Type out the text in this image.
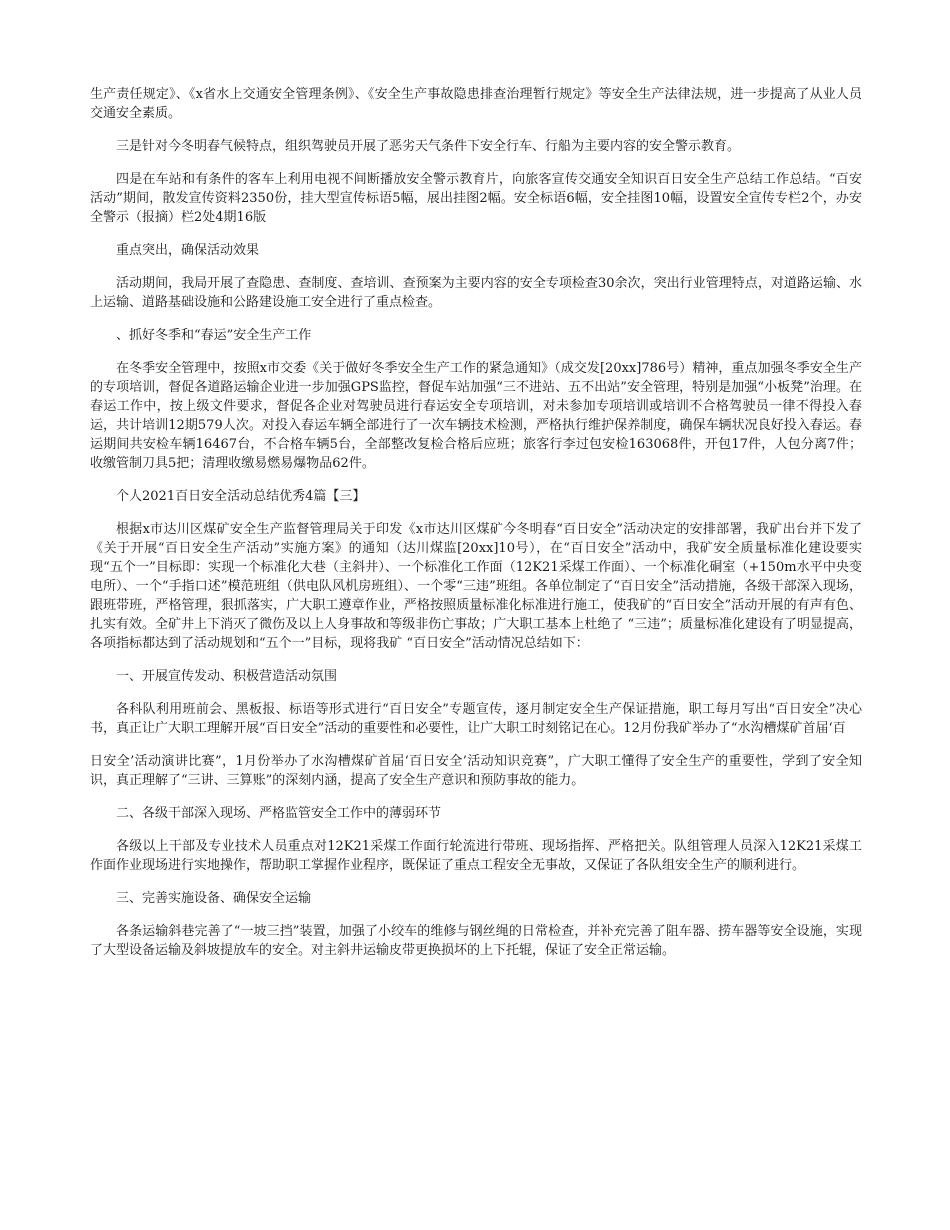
生产责任规定》、《x省水上交通安全管理条例》、《安全生产事故隐患排查治理暂行规定》等安全生产法律法规，进一步提高了从业人员交通安全素质。

三是针对今冬明春气候特点，组织驾驶员开展了恶劣天气条件下安全行车、行船为主要内容的安全警示教育。

四是在车站和有条件的客车上利用电视不间断播放安全警示教育片，向旅客宣传交通安全知识百日安全生产总结工作总结。“百安活动”期间，散发宣传资料2350份，挂大型宣传标语5幅，展出挂图2幅。安全标语6幅，安全挂图10幅，设置安全宣传专栏2个，办安全警示（报摘）栏2处4期16版

重点突出，确保活动效果

活动期间，我局开展了查隐患、查制度、查培训、查预案为主要内容的安全专项检查30余次，突出行业管理特点，对道路运输、水上运输、道路基础设施和公路建设施工安全进行了重点检查。

、抓好冬季和“春运”安全生产工作

在冬季安全管理中，按照x市交委《关于做好冬季安全生产工作的紧急通知》（成交发[20xx]786号）精神，重点加强冬季安全生产的专项培训，督促各道路运输企业进一步加强GPS监控，督促车站加强“三不进站、五不出站”安全管理，特别是加强“小板凳”治理。在春运工作中，按上级文件要求，督促各企业对驾驶员进行春运安全专项培训，对未参加专项培训或培训不合格驾驶员一律不得投入春运，共计培训12期579人次。对投入春运车辆全部进行了一次车辆技术检测，严格执行维护保养制度，确保车辆状况良好投入春运。春运期间共安检车辆16467台，不合格车辆5台，全部整改复检合格后应班；旅客行李过包安检163068件，开包17件，人包分离7件；收缴管制刀具5把；清理收缴易燃易爆物品62件。

个人2021百日安全活动总结优秀4篇【三】

根据x市达川区煤矿安全生产监督管理局关于印发《x市达川区煤矿今冬明春“百日安全”活动决定的安排部署，我矿出台并下发了《关于开展“百日安全生产活动”实施方案》的通知（达川煤监[20xx]10号），在“百日安全”活动中，我矿安全质量标准化建设要实现“五个一”目标即：实现一个标准化大巷（主斜井）、一个标准化工作面（12K21采煤工作面）、一个标准化硐室（+150m水平中央变电所）、一个“手指口述”模范班组（供电队风机房班组）、一个零“三违”班组。各单位制定了“百日安全”活动措施，各级干部深入现场，跟班带班，严格管理，狠抓落实，广大职工遵章作业，严格按照质量标准化标准进行施工，使我矿的“百日安全”活动开展的有声有色、扎实有效。全矿井上下消灭了微伤及以上人身事故和等级非伤亡事故；广大职工基本上杜绝了 “三违”；质量标准化建设有了明显提高，各项指标都达到了活动规划和“五个一”目标，现将我矿 “百日安全”活动情况总结如下：

一、开展宣传发动、积极营造活动氛围

各科队利用班前会、黑板报、标语等形式进行“百日安全”专题宣传，逐月制定安全生产保证措施，职工每月写出“百日安全”决心书，真正让广大职工理解开展“百日安全”活动的重要性和必要性，让广大职工时刻铭记在心。12月份我矿举办了“水沟槽煤矿首届‘百

日安全’活动演讲比赛”，1月份举办了水沟槽煤矿首届‘百日安全’活动知识竞赛”，广大职工懂得了安全生产的重要性，学到了安全知识，真正理解了“三讲、三算账”的深刻内涵，提高了安全生产意识和预防事故的能力。

二、各级干部深入现场、严格监管安全工作中的薄弱环节

各级以上干部及专业技术人员重点对12K21采煤工作面行轮流进行带班、现场指挥、严格把关。队组管理人员深入12K21采煤工作面作业现场进行实地操作，帮助职工掌握作业程序，既保证了重点工程安全无事故，又保证了各队组安全生产的顺利进行。

三、完善实施设备、确保安全运输

各条运输斜巷完善了“一坡三挡”装置，加强了小绞车的维修与钢丝绳的日常检查，并补充完善了阻车器、捞车器等安全设施，实现了大型设备运输及斜坡提放车的安全。对主斜井运输皮带更换损坏的上下托辊，保证了安全正常运输。
